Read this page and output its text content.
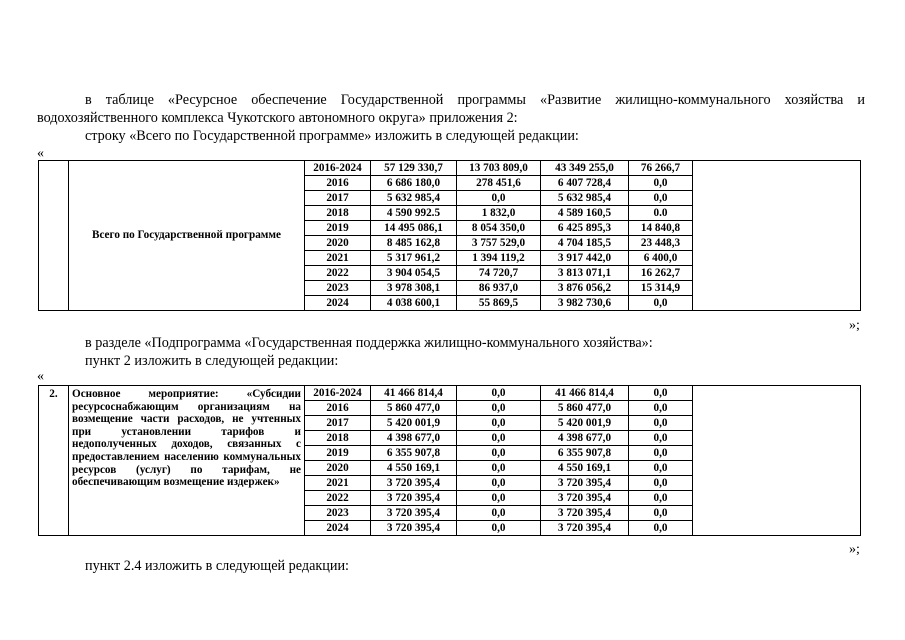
в таблице «Ресурсное обеспечение Государственной программы «Развитие жилищно-коммунального хозяйства и
водохозяйственного комплекса Чукотского автономного округа» приложения 2:
строку «Всего по Государственной программе» изложить в следующей редакции:
«
	Всего по Государственной программе	2016-2024	57 129 330,7	13 703 809,0	43 349 255,0	76 266,7	
		2016	6 686 180,0	278 451,6	6 407 728,4	0,0	
		2017	5 632 985,4	0,0	5 632 985,4	0,0	
		2018	4 590 992.5	1 832,0	4 589 160,5	0.0	
		2019	14 495 086,1	8 054 350,0	6 425 895,3	14 840,8	
		2020	8 485 162,8	3 757 529,0	4 704 185,5	23 448,3	
		2021	5 317 961,2	1 394 119,2	3 917 442,0	6 400,0	
		2022	3 904 054,5	74 720,7	3 813 071,1	16 262,7	
		2023	3 978 308,1	86 937,0	3 876 056,2	15 314,9	
		2024	4 038 600,1	55 869,5	3 982 730,6	0,0	
»;
в разделе «Подпрограмма «Государственная поддержка жилищно-коммунального хозяйства»:
пункт 2 изложить в следующей редакции:
«
2.	Основное мероприятие: «Субсидии ресурсоснабжающим организациям на возмещение части расходов, не учтенных при установлении тарифов и недополученных доходов, связанных с предоставлением населению коммунальных ресурсов (услуг) по тарифам, не обеспечивающим возмещение издержек»	2016-2024	41 466 814,4	0,0	41 466 814,4	0,0	
		2016	5 860 477,0	0,0	5 860 477,0	0,0	
		2017	5 420 001,9	0,0	5 420 001,9	0,0	
		2018	4 398 677,0	0,0	4 398 677,0	0,0	
		2019	6 355 907,8	0,0	6 355 907,8	0,0	
		2020	4 550 169,1	0,0	4 550 169,1	0,0	
		2021	3 720 395,4	0,0	3 720 395,4	0,0	
		2022	3 720 395,4	0,0	3 720 395,4	0,0	
		2023	3 720 395,4	0,0	3 720 395,4	0,0	
		2024	3 720 395,4	0,0	3 720 395,4	0,0	
»;
пункт 2.4 изложить в следующей редакции:
